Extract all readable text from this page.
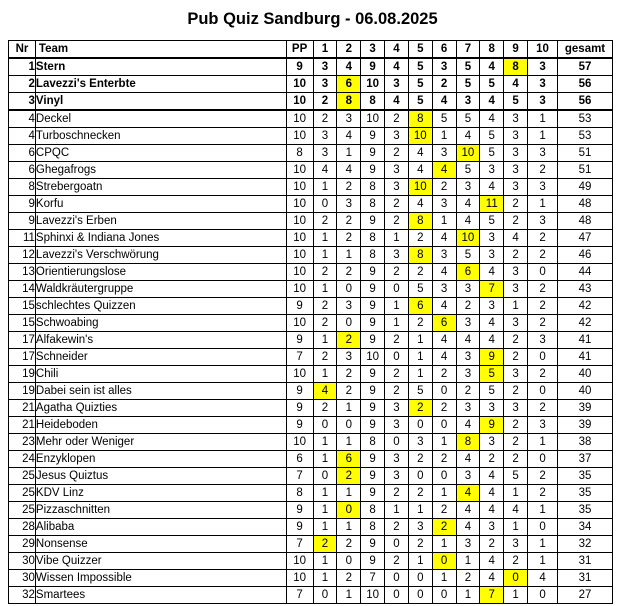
Pub Quiz Sandburg - 06.08.2025
Nr	Team	PP	1	2	3	4	5	6	7	8	9	10	gesamt
1	Stern	9	3	4	9	4	5	3	5	4	8	3	57
2	Lavezzi's Enterbte	10	3	6	10	3	5	2	5	5	4	3	56
3	Vinyl	10	2	8	8	4	5	4	3	4	5	3	56
4	Deckel	10	2	3	10	2	8	5	5	4	3	1	53
4	Turboschnecken	10	3	4	9	3	10	1	4	5	3	1	53
6	CPQC	8	3	1	9	2	4	3	10	5	3	3	51
6	Ghegafrogs	10	4	4	9	3	4	4	5	3	3	2	51
8	Strebergoatn	10	1	2	8	3	10	2	3	4	3	3	49
9	Korfu	10	0	3	8	2	4	3	4	11	2	1	48
9	Lavezzi's Erben	10	2	2	9	2	8	1	4	5	2	3	48
11	Sphinxi & Indiana Jones	10	1	2	8	1	2	4	10	3	4	2	47
12	Lavezzi's Verschwörung	10	1	1	8	3	8	3	5	3	2	2	46
13	Orientierungslose	10	2	2	9	2	2	4	6	4	3	0	44
14	Waldkräutergruppe	10	1	0	9	0	5	3	3	7	3	2	43
15	schlechtes Quizzen	9	2	3	9	1	6	4	2	3	1	2	42
15	Schwoabing	10	2	0	9	1	2	6	3	4	3	2	42
17	Alfakewin's	9	1	2	9	2	1	4	4	4	2	3	41
17	Schneider	7	2	3	10	0	1	4	3	9	2	0	41
19	Chili	10	1	2	9	2	1	2	3	5	3	2	40
19	Dabei sein ist alles	9	4	2	9	2	5	0	2	5	2	0	40
21	Agatha Quizties	9	2	1	9	3	2	2	3	3	3	2	39
21	Heideboden	9	0	0	9	3	0	0	4	9	2	3	39
23	Mehr oder Weniger	10	1	1	8	0	3	1	8	3	2	1	38
24	Enzyklopen	6	1	6	9	3	2	2	4	2	2	0	37
25	Jesus Quiztus	7	0	2	9	3	0	0	3	4	5	2	35
25	KDV Linz	8	1	1	9	2	2	1	4	4	1	2	35
25	Pizzaschnitten	9	1	0	8	1	1	2	4	4	4	1	35
28	Alibaba	9	1	1	8	2	3	2	4	3	1	0	34
29	Nonsense	7	2	2	9	0	2	1	3	2	3	1	32
30	Vibe Quizzer	10	1	0	9	2	1	0	1	4	2	1	31
30	Wissen Impossible	10	1	2	7	0	0	1	2	4	0	4	31
32	Smartees	7	0	1	10	0	0	0	1	7	1	0	27
